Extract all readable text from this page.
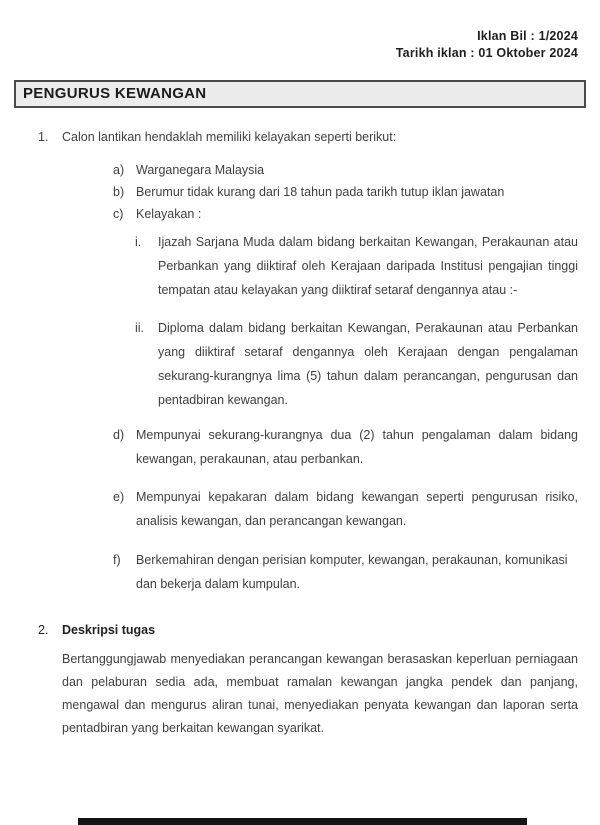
Iklan Bil : 1/2024
Tarikh iklan : 01 Oktober 2024
PENGURUS KEWANGAN
1.	Calon lantikan hendaklah memiliki kelayakan seperti berikut:
a) Warganegara Malaysia
b) Berumur tidak kurang dari 18 tahun pada tarikh tutup iklan jawatan
c)	Kelayakan :
i.	Ijazah Sarjana Muda dalam bidang berkaitan Kewangan, Perakaunan atau Perbankan yang diiktiraf oleh Kerajaan daripada Institusi pengajian tinggi tempatan atau kelayakan yang diiktiraf setaraf dengannya atau :-
ii.	Diploma dalam bidang berkaitan Kewangan, Perakaunan atau Perbankan yang diiktiraf setaraf dengannya oleh Kerajaan dengan pengalaman sekurang-kurangnya lima (5) tahun dalam perancangan, pengurusan dan pentadbiran kewangan.
d) Mempunyai sekurang-kurangnya dua (2) tahun pengalaman dalam bidang kewangan, perakaunan, atau perbankan.
e) Mempunyai kepakaran dalam bidang kewangan seperti pengurusan risiko, analisis kewangan, dan perancangan kewangan.
f)	Berkemahiran dengan perisian komputer, kewangan, perakaunan, komunikasi dan bekerja dalam kumpulan.
2.	Deskripsi tugas
Bertanggungjawab menyediakan perancangan kewangan berasaskan keperluan perniagaan dan pelaburan sedia ada, membuat ramalan kewangan jangka pendek dan panjang, mengawal dan mengurus aliran tunai, menyediakan penyata kewangan dan laporan serta pentadbiran yang berkaitan kewangan syarikat.
